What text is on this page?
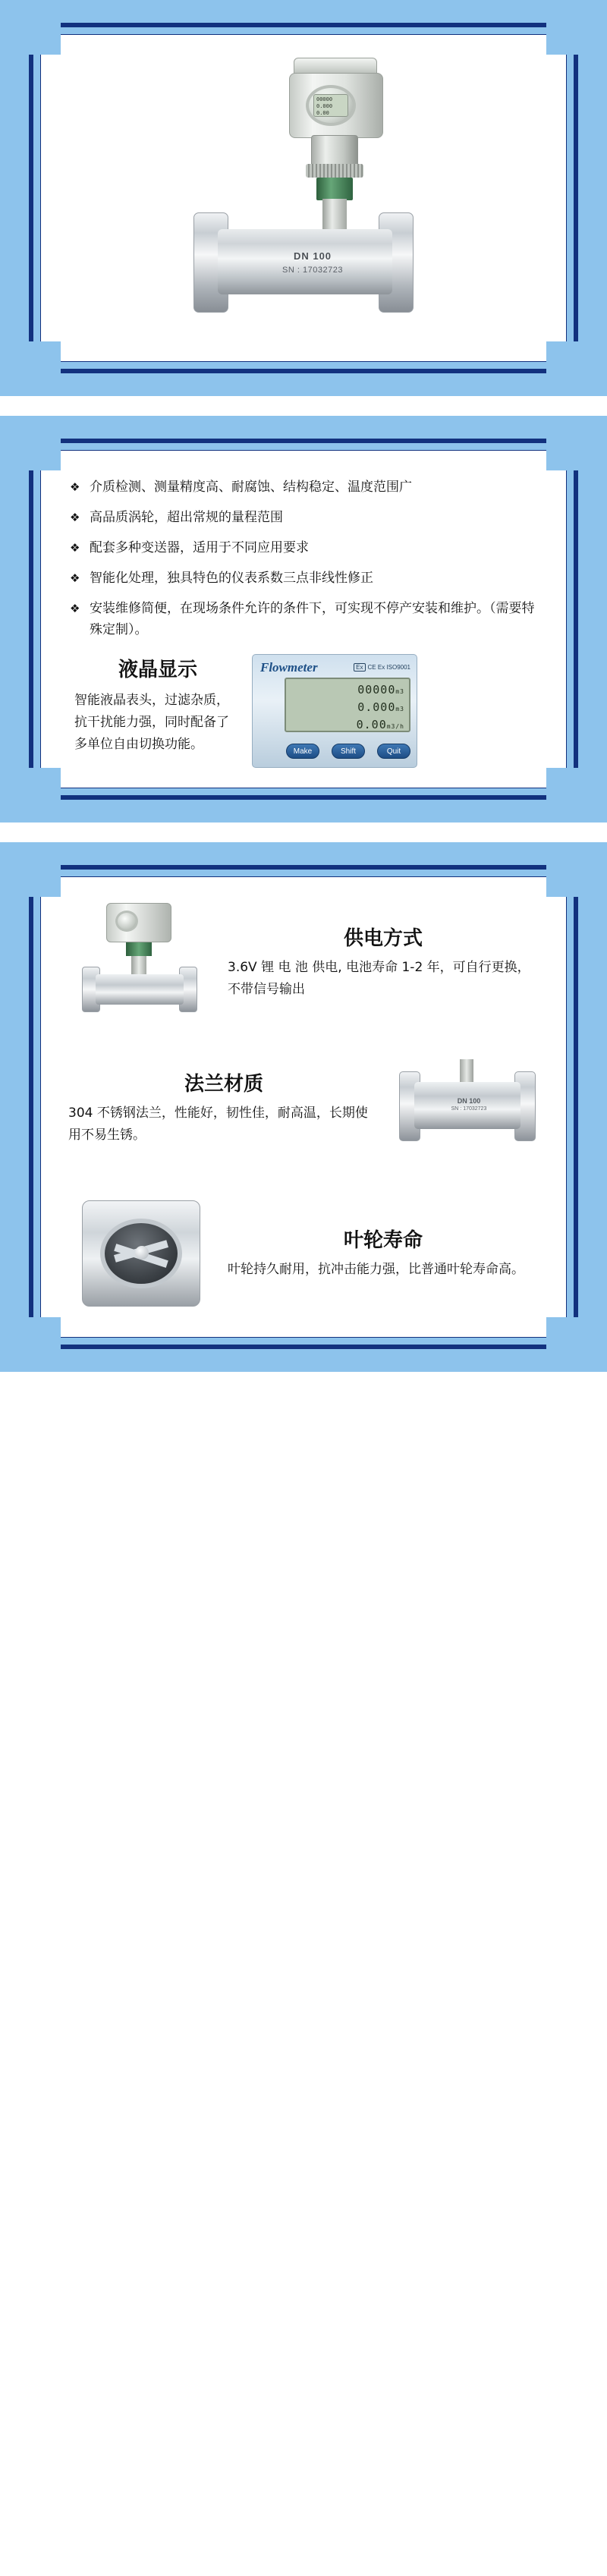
00000
0.000
0.00
DN 100
SN : 17032723
❖ 介质检测、测量精度高、耐腐蚀、结构稳定、温度范围广
❖ 高品质涡轮，超出常规的量程范围
❖ 配套多种变送器，适用于不同应用要求
❖ 智能化处理，独具特色的仪表系数三点非线性修正
❖ 安装维修简便，在现场条件允许的条件下，可实现不停产安装和维护。（需要特殊定制）。
液晶显示
智能液晶表头，过滤杂质，抗干扰能力强，同时配备了多单位自由切换功能。
Flowmeter	Ex CE Ex ISO9001
00000m3
0.000m3
0.00m3/h
Make	Shift	Quit
供电方式
3.6V 锂 电 池 供电, 电池寿命 1-2 年，可自行更换，不带信号输出
法兰材质
304 不锈钢法兰，性能好，韧性佳，耐高温，长期使用不易生锈。
DN 100
SN : 17032723
叶轮寿命
叶轮持久耐用，抗冲击能力强，比普通叶轮寿命高。
